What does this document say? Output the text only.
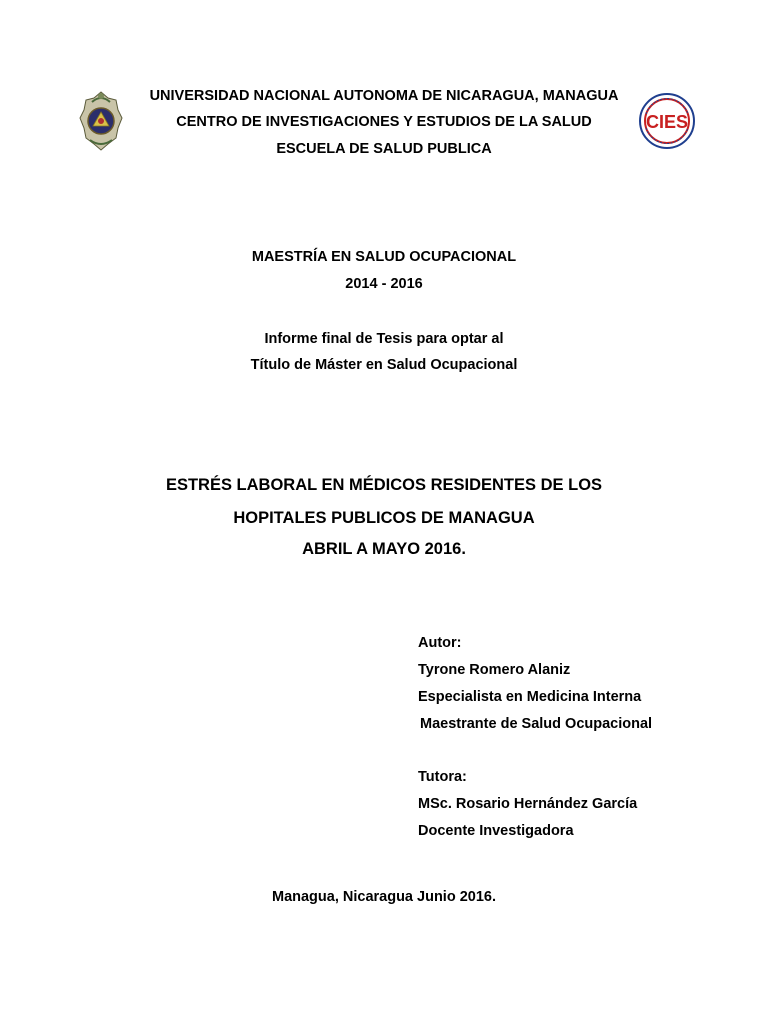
CIES
UNIVERSIDAD NACIONAL AUTONOMA DE NICARAGUA, MANAGUA
CENTRO DE INVESTIGACIONES Y ESTUDIOS DE LA SALUD
ESCUELA DE SALUD PUBLICA
MAESTRÍA EN SALUD OCUPACIONAL
2014 - 2016
Informe final de Tesis para optar al
Título de Máster en Salud Ocupacional
ESTRÉS LABORAL EN MÉDICOS RESIDENTES DE LOS
HOPITALES PUBLICOS DE MANAGUA
ABRIL A MAYO 2016.
Autor:
Tyrone Romero Alaniz
Especialista en Medicina Interna
Maestrante de Salud Ocupacional
Tutora:
MSc. Rosario Hernández García
Docente Investigadora
Managua, Nicaragua Junio 2016.
